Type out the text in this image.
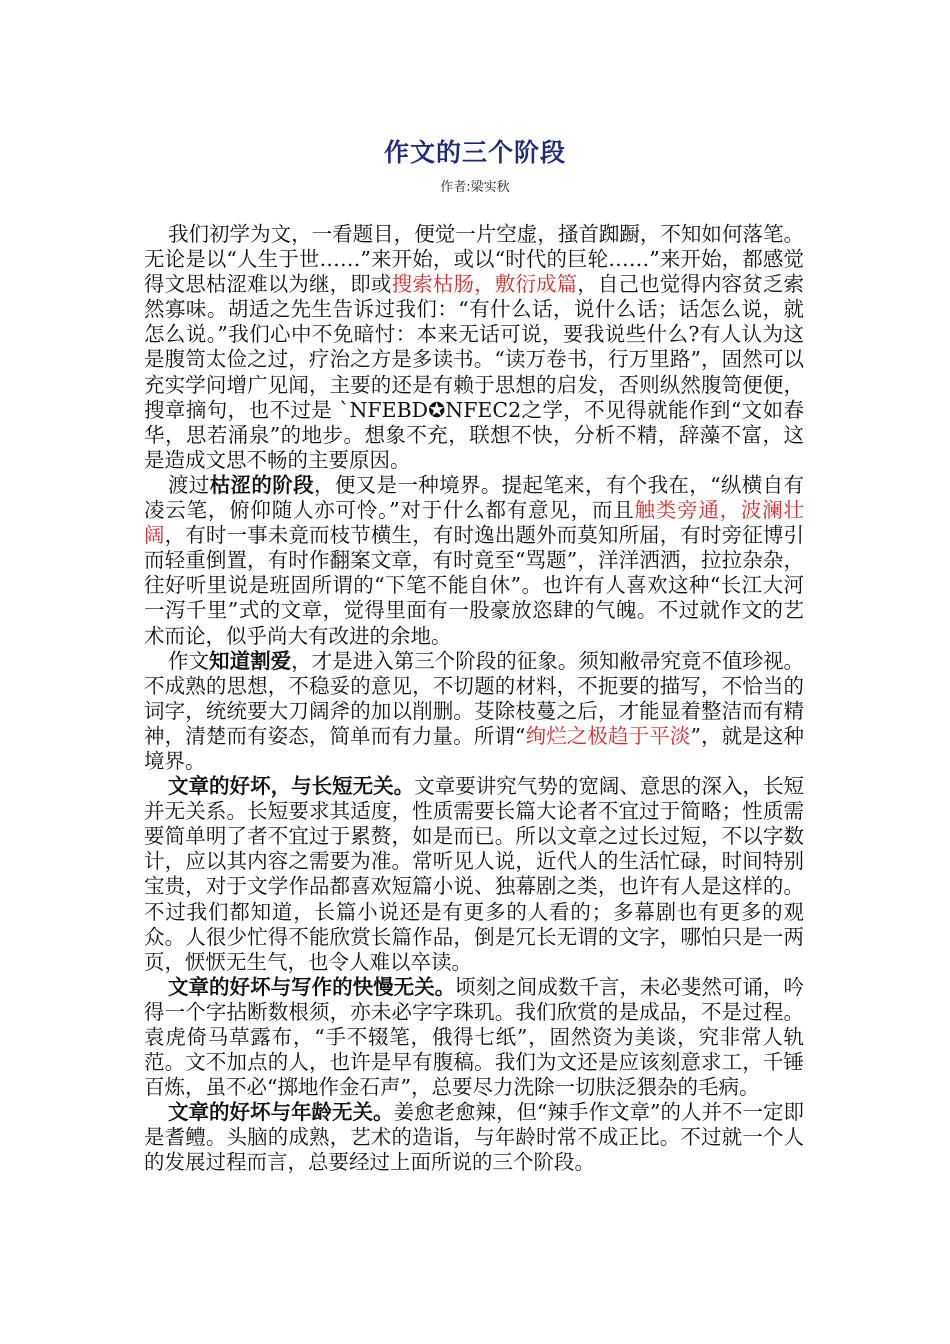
作文的三个阶段
作者:梁实秋

我们初学为文，一看题目，便觉一片空虚，搔首踟蹰，不知如何落笔。无论是以“人生于世……”来开始，或以“时代的巨轮……”来开始，都感觉得文思枯涩难以为继，即或搜索枯肠，敷衍成篇，自己也觉得内容贫乏索然寡味。胡适之先生告诉过我们：“有什么话，说什么话；话怎么说，就怎么说。”我们心中不免暗忖：本来无话可说，要我说些什么?有人认为这是腹笥太俭之过，疗治之方是多读书。“读万卷书，行万里路”，固然可以充实学问增广见闻，主要的还是有赖于思想的启发，否则纵然腹笥便便，搜章摘句，也不过是 `NFEBD✪NFEC2之学，不见得就能作到“文如春华，思若涌泉”的地步。想象不充，联想不快，分析不精，辞藻不富，这是造成文思不畅的主要原因。

渡过枯涩的阶段，便又是一种境界。提起笔来，有个我在，“纵横自有凌云笔，俯仰随人亦可怜。”对于什么都有意见，而且触类旁通，波澜壮阔，有时一事未竟而枝节横生，有时逸出题外而莫知所届，有时旁征博引而轻重倒置，有时作翻案文章，有时竟至“骂题”，洋洋洒洒，拉拉杂杂，往好听里说是班固所谓的“下笔不能自休”。也许有人喜欢这种“长江大河一泻千里”式的文章，觉得里面有一股豪放恣肆的气魄。不过就作文的艺术而论，似乎尚大有改进的余地。

作文知道割爱，才是进入第三个阶段的征象。须知敝帚究竟不值珍视。不成熟的思想，不稳妥的意见，不切题的材料，不扼要的描写，不恰当的词字，统统要大刀阔斧的加以削删。芟除枝蔓之后，才能显着整洁而有精神，清楚而有姿态，简单而有力量。所谓“绚烂之极趋于平淡”，就是这种境界。

文章的好坏，与长短无关。文章要讲究气势的宽阔、意思的深入，长短并无关系。长短要求其适度，性质需要长篇大论者不宜过于简略；性质需要简单明了者不宜过于累赘，如是而已。所以文章之过长过短，不以字数计，应以其内容之需要为准。常听见人说，近代人的生活忙碌，时间特别宝贵，对于文学作品都喜欢短篇小说、独幕剧之类，也许有人是这样的。不过我们都知道，长篇小说还是有更多的人看的；多幕剧也有更多的观众。人很少忙得不能欣赏长篇作品，倒是冗长无谓的文字，哪怕只是一两页，恹恹无生气，也令人难以卒读。

文章的好坏与写作的快慢无关。顷刻之间成数千言，未必斐然可诵，吟得一个字拈断数根须，亦未必字字珠玑。我们欣赏的是成品，不是过程。袁虎倚马草露布，“手不辍笔，俄得七纸”，固然资为美谈，究非常人轨范。文不加点的人，也许是早有腹稿。我们为文还是应该刻意求工，千锤百炼，虽不必“掷地作金石声”，总要尽力洗除一切肤泛猥杂的毛病。

文章的好坏与年龄无关。姜愈老愈辣，但“辣手作文章”的人并不一定即是耆鳢。头脑的成熟，艺术的造诣，与年龄时常不成正比。不过就一个人的发展过程而言，总要经过上面所说的三个阶段。
